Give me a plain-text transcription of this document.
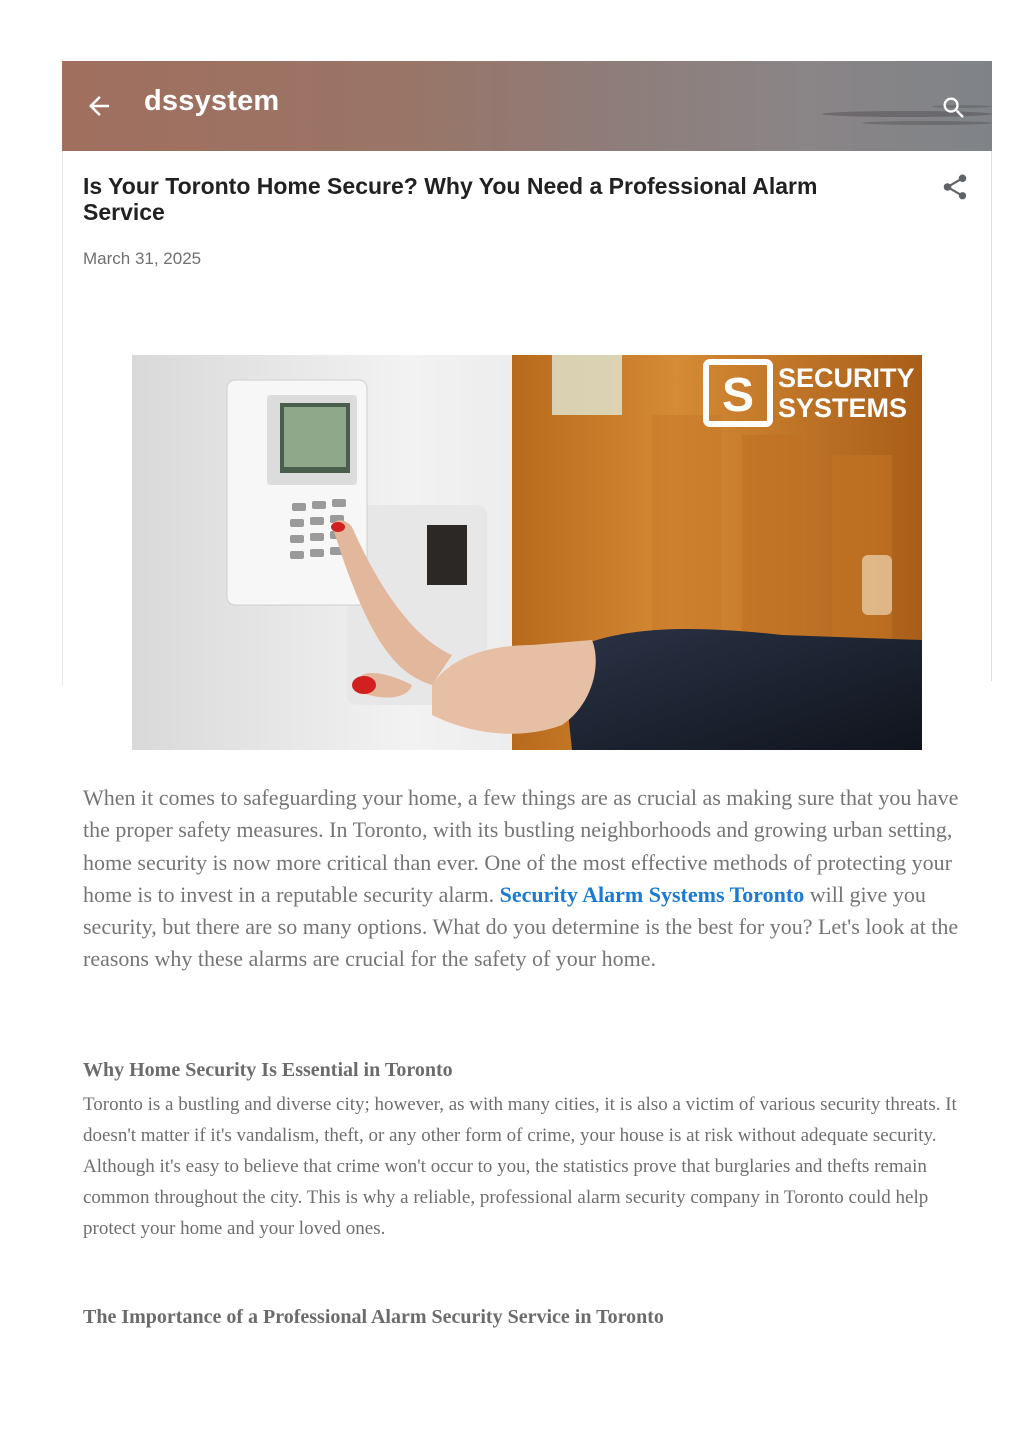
dssystem
Is Your Toronto Home Secure? Why You Need a Professional Alarm Service
March 31, 2025
S SECURITY
SYSTEMS

When it comes to safeguarding your home, a few things are as crucial as making sure that you have the proper safety measures. In Toronto, with its bustling neighborhoods and growing urban setting, home security is now more critical than ever. One of the most effective methods of protecting your home is to invest in a reputable security alarm. Security Alarm Systems Toronto will give you security, but there are so many options. What do you determine is the best for you? Let's look at the reasons why these alarms are crucial for the safety of your home.

Why Home Security Is Essential in Toronto

Toronto is a bustling and diverse city; however, as with many cities, it is also a victim of various security threats. It doesn't matter if it's vandalism, theft, or any other form of crime, your house is at risk without adequate security. Although it's easy to believe that crime won't occur to you, the statistics prove that burglaries and thefts remain common throughout the city. This is why a reliable, professional alarm security company in Toronto could help protect your home and your loved ones.

The Importance of a Professional Alarm Security Service in Toronto
